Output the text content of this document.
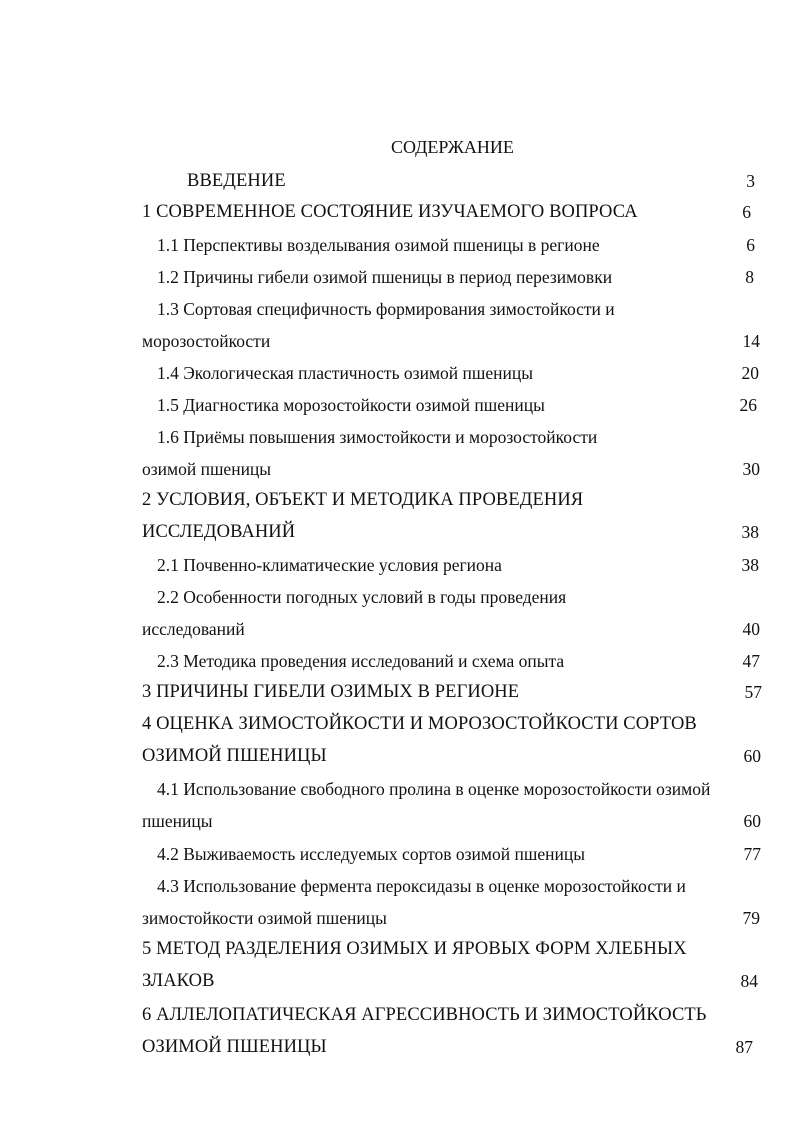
СОДЕРЖАНИЕ
ВВЕДЕНИЕ	3
1 СОВРЕМЕННОЕ СОСТОЯНИЕ ИЗУЧАЕМОГО ВОПРОСА	6
1.1 Перспективы возделывания озимой пшеницы в регионе	6
1.2 Причины гибели озимой пшеницы в период перезимовки	8
1.3 Сортовая специфичность формирования зимостойкости и
морозостойкости	14
1.4 Экологическая пластичность озимой пшеницы	20
1.5 Диагностика морозостойкости озимой пшеницы	26
1.6 Приёмы повышения зимостойкости и морозостойкости
озимой пшеницы	30
2 УСЛОВИЯ, ОБЪЕКТ И МЕТОДИКА ПРОВЕДЕНИЯ
ИССЛЕДОВАНИЙ	38
2.1 Почвенно-климатические условия региона	38
2.2 Особенности погодных условий в годы проведения
исследований	40
2.3 Методика проведения исследований и схема опыта	47
3 ПРИЧИНЫ ГИБЕЛИ ОЗИМЫХ В РЕГИОНЕ	57
4 ОЦЕНКА ЗИМОСТОЙКОСТИ И МОРОЗОСТОЙКОСТИ СОРТОВ
ОЗИМОЙ ПШЕНИЦЫ	60
4.1 Использование свободного пролина в оценке морозостойкости озимой
пшеницы	60
4.2 Выживаемость исследуемых сортов озимой пшеницы	77
4.3 Использование фермента пероксидазы в оценке морозостойкости и
зимостойкости озимой пшеницы	79
5 МЕТОД РАЗДЕЛЕНИЯ ОЗИМЫХ И ЯРОВЫХ ФОРМ ХЛЕБНЫХ
ЗЛАКОВ	84
6 АЛЛЕЛОПАТИЧЕСКАЯ АГРЕССИВНОСТЬ И ЗИМОСТОЙКОСТЬ
ОЗИМОЙ ПШЕНИЦЫ	87
